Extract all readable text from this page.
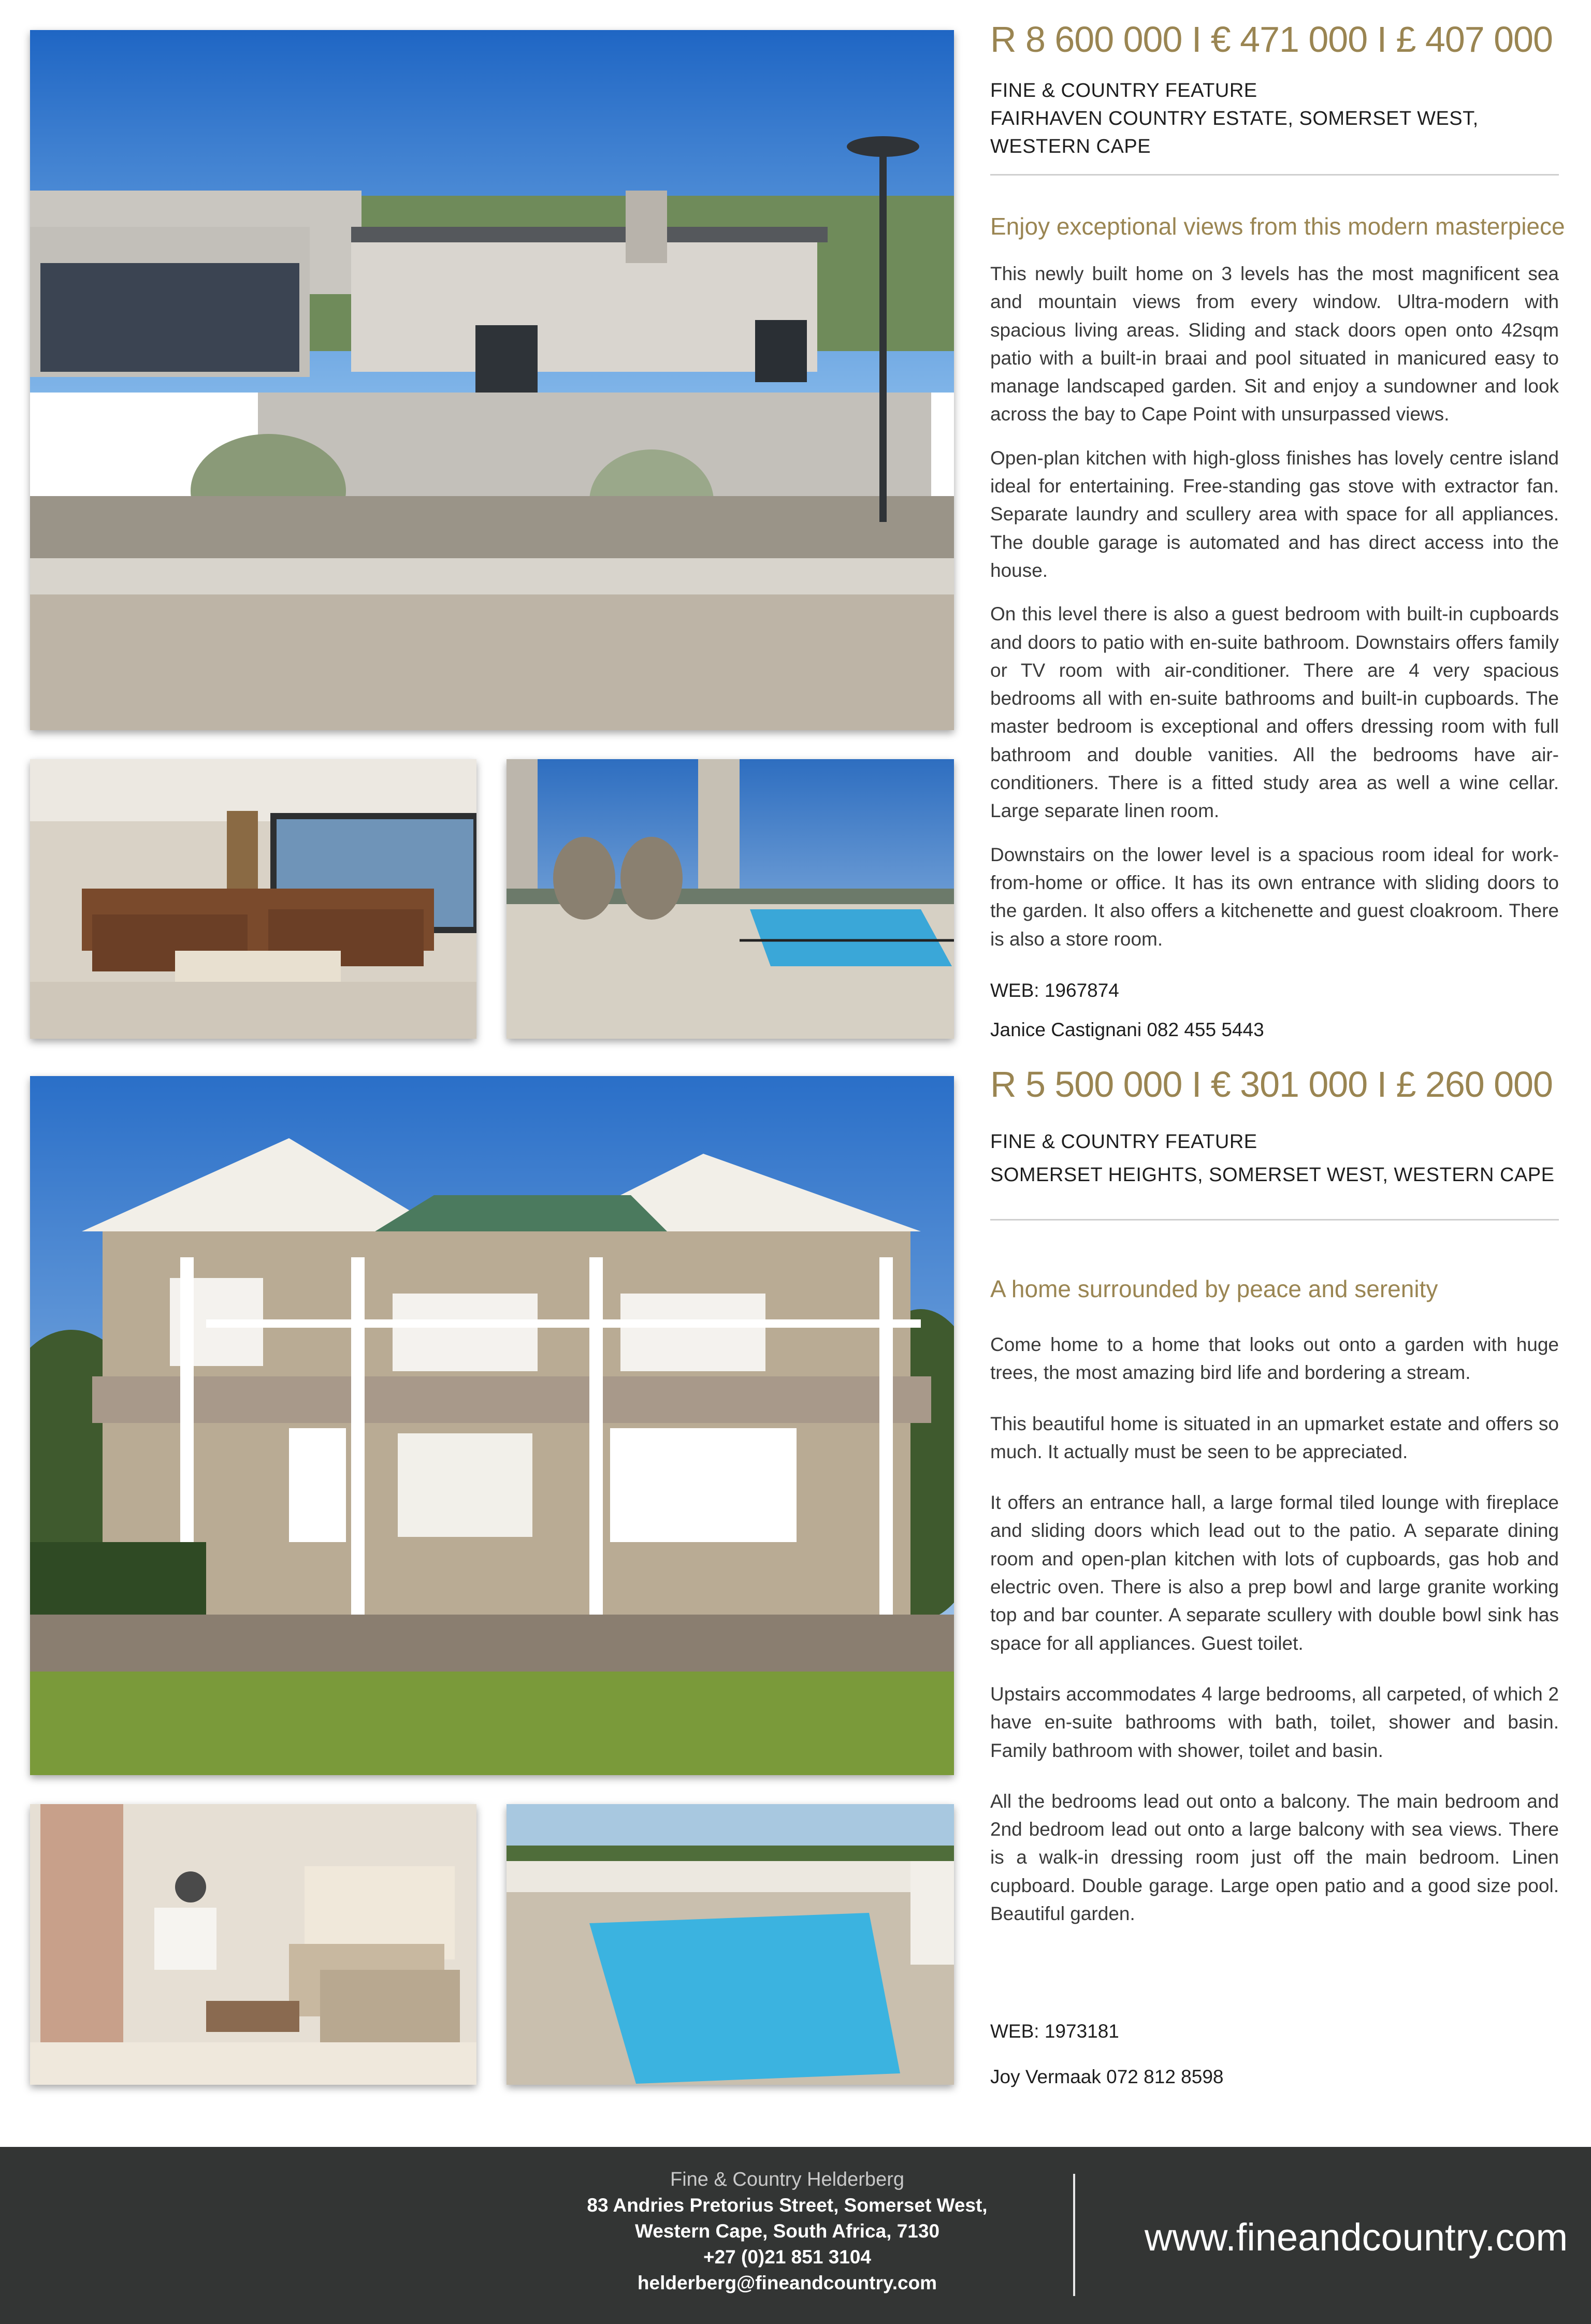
R 8 600 000 I € 471 000 I £ 407 000
FINE & COUNTRY FEATURE
FAIRHAVEN COUNTRY ESTATE, SOMERSET WEST, WESTERN CAPE
Enjoy exceptional views from this modern masterpiece

This newly built home on 3 levels has the most magnificent sea and mountain views from every window. Ultra-modern with spacious living areas. Sliding and stack doors open onto 42sqm patio with a built-in braai and pool situated in manicured easy to manage landscaped garden. Sit and enjoy a sundowner and look across the bay to Cape Point with unsurpassed views.

Open-plan kitchen with high-gloss finishes has lovely centre island ideal for entertaining. Free-standing gas stove with extractor fan. Separate laundry and scullery area with space for all appliances. The double garage is automated and has direct access into the house.

On this level there is also a guest bedroom with built-in cupboards and doors to patio with en-suite bathroom. Downstairs offers family or TV room with air-conditioner. There are 4 very spacious bedrooms all with en-suite bathrooms and built-in cupboards. The master bedroom is exceptional and offers dressing room with full bathroom and double vanities. All the bedrooms have air-conditioners. There is a fitted study area as well a wine cellar. Large separate linen room.

Downstairs on the lower level is a spacious room ideal for work-from-home or office. It has its own entrance with sliding doors to the garden. It also offers a kitchenette and guest cloakroom. There is also a store room.

WEB: 1967874
Janice Castignani 082 455 5443
R 5 500 000 I € 301 000 I £ 260 000
FINE & COUNTRY FEATURE
SOMERSET HEIGHTS, SOMERSET WEST, WESTERN CAPE
A home surrounded by peace and serenity

Come home to a home that looks out onto a garden with huge trees, the most amazing bird life and bordering a stream.

This beautiful home is situated in an upmarket estate and offers so much. It actually must be seen to be appreciated.

It offers an entrance hall, a large formal tiled lounge with fireplace and sliding doors which lead out to the patio. A separate dining room and open-plan kitchen with lots of cupboards, gas hob and electric oven. There is also a prep bowl and large granite working top and bar counter. A separate scullery with double bowl sink has space for all appliances. Guest toilet.

Upstairs accommodates 4 large bedrooms, all carpeted, of which 2 have en-suite bathrooms with bath, toilet, shower and basin. Family bathroom with shower, toilet and basin.

All the bedrooms lead out onto a balcony. The main bedroom and 2nd bedroom lead out onto a large balcony with sea views. There is a walk-in dressing room just off the main bedroom. Linen cupboard. Double garage. Large open patio and a good size pool. Beautiful garden.

WEB: 1973181
Joy Vermaak 072 812 8598
Fine & Country Helderberg
83 Andries Pretorius Street, Somerset West,
Western Cape, South Africa, 7130
+27 (0)21 851 3104
helderberg@fineandcountry.com
www.fineandcountry.com
